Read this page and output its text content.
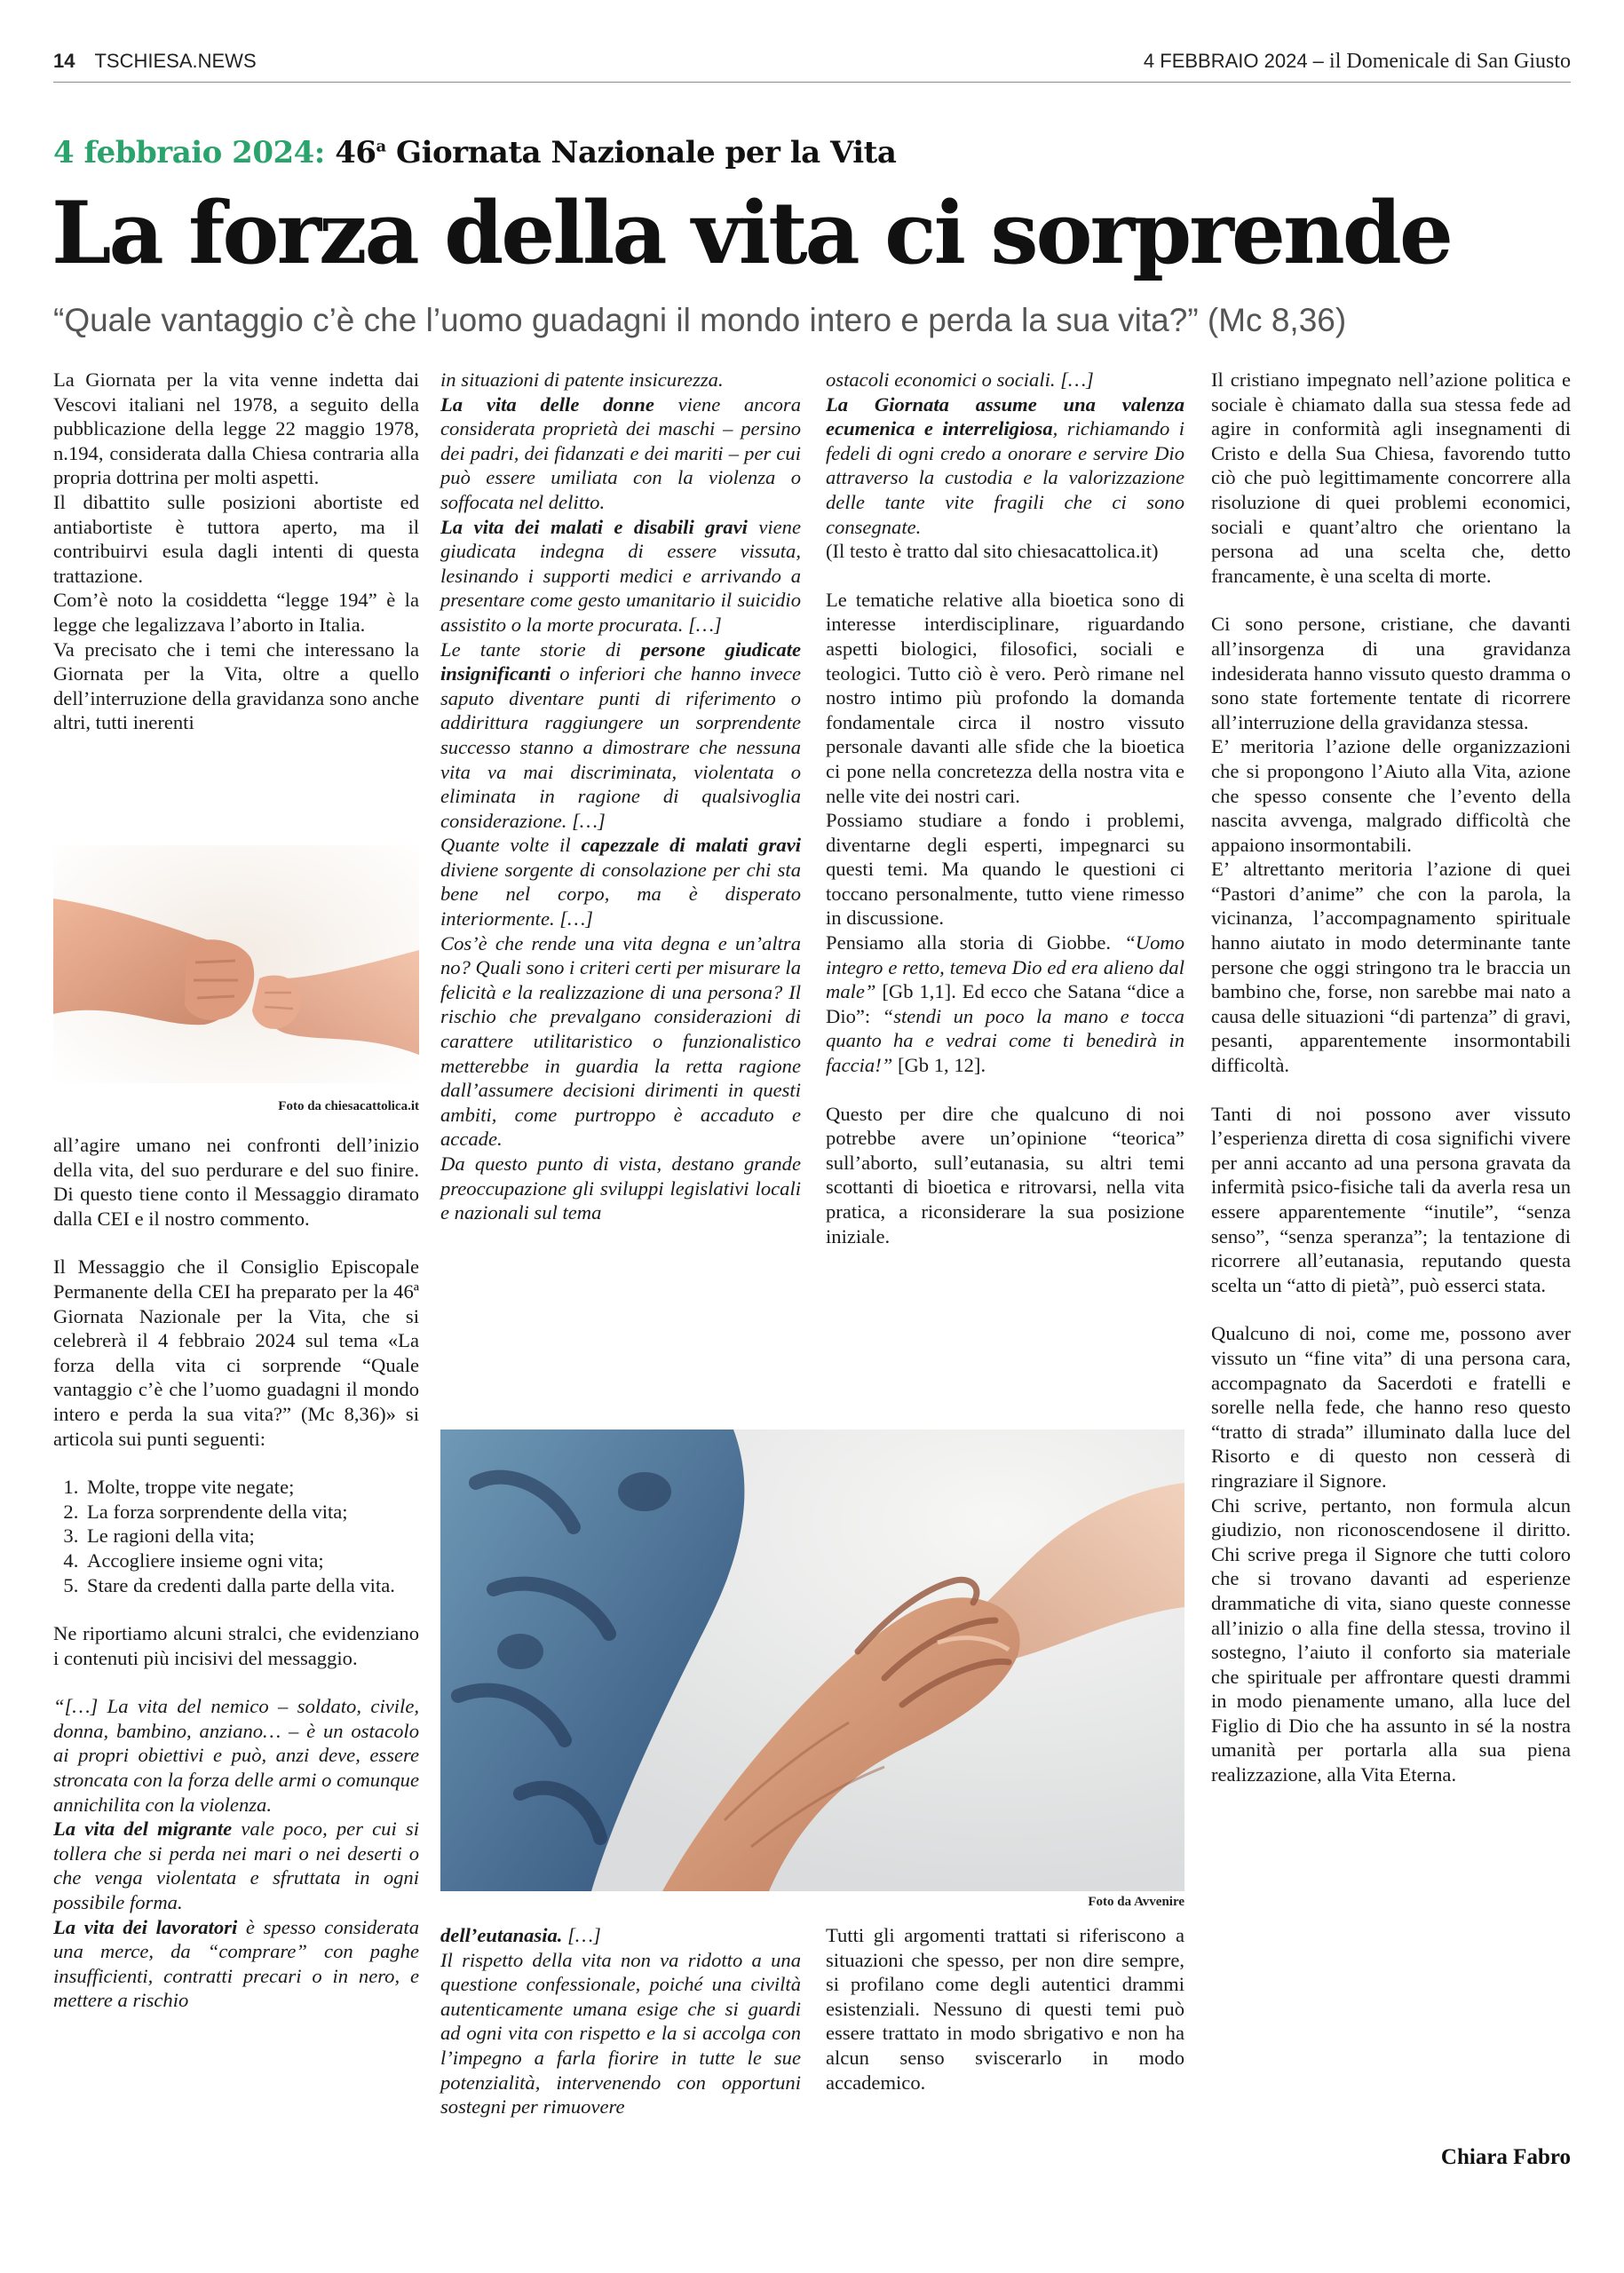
14 TSCHIESA.NEWS	4 FEBBRAIO 2024 – il Domenicale di San Giusto
4 febbraio 2024: 46$^a$ Giornata Nazionale per la Vita
La forza della vita ci sorprende
“Quale vantaggio c’è che l’uomo guadagni il mondo intero e perda la sua vita?” (Mc 8,36)

La Giornata per la vita venne indetta dai Vescovi italiani nel 1978, a seguito della pubblicazione della legge 22 maggio 1978, n.194, considerata dalla Chiesa contraria alla propria dottrina per molti aspetti.

Il dibattito sulle posizioni abortiste ed antiabortiste è tuttora aperto, ma il contribuirvi esula dagli intenti di questa trattazione.

Com’è noto la cosiddetta “legge 194” è la legge che legalizzava l’aborto in Italia.

Va precisato che i temi che interessano la Giornata per la Vita, oltre a quello dell’interruzione della gravidanza sono anche altri, tutti inerenti

Foto da chiesacattolica.it

all’agire umano nei confronti dell’inizio della vita, del suo perdurare e del suo finire. Di questo tiene conto il Messaggio diramato dalla CEI e il nostro commento.

Il Messaggio che il Consiglio Episcopale Permanente della CEI ha preparato per la 46ª Giornata Nazionale per la Vita, che si celebrerà il 4 febbraio 2024 sul tema «La forza della vita ci sorprende “Quale vantaggio c’è che l’uomo guadagni il mondo intero e perda la sua vita?” (Mc 8,36)» si articola sui punti seguenti:

1. Molte, troppe vite negate;
2. La forza sorprendente della vita;
3. Le ragioni della vita;
4. Accogliere insieme ogni vita;
5. Stare da credenti dalla parte della vita.

Ne riportiamo alcuni stralci, che evidenziano i contenuti più incisivi del messaggio.

“[…] La vita del nemico – soldato, civile, donna, bambino, anziano… – è un ostacolo ai propri obiettivi e può, anzi deve, essere stroncata con la forza delle armi o comunque annichilita con la violenza.

La vita del migrante vale poco, per cui si tollera che si perda nei mari o nei deserti o che venga violentata e sfruttata in ogni possibile forma.

La vita dei lavoratori è spesso considerata una merce, da “comprare” con paghe insufficienti, contratti precari o in nero, e mettere a rischio

in situazioni di patente insicurezza.

La vita delle donne viene ancora considerata proprietà dei maschi – persino dei padri, dei fidanzati e dei mariti – per cui può essere umiliata con la violenza o soffocata nel delitto.

La vita dei malati e disabili gravi viene giudicata indegna di essere vissuta, lesinando i supporti medici e arrivando a presentare come gesto umanitario il suicidio assistito o la morte procurata. […]

Le tante storie di persone giudicate insignificanti o inferiori che hanno invece saputo diventare punti di riferimento o addirittura raggiungere un sorprendente successo stanno a dimostrare che nessuna vita va mai discriminata, violentata o eliminata in ragione di qualsivoglia considerazione. […]

Quante volte il capezzale di malati gravi diviene sorgente di consolazione per chi sta bene nel corpo, ma è disperato interiormente. […]

Cos’è che rende una vita degna e un’altra no? Quali sono i criteri certi per misurare la felicità e la realizzazione di una persona? Il rischio che prevalgano considerazioni di carattere utilitaristico o funzionalistico metterebbe in guardia la retta ragione dall’assumere decisioni dirimenti in questi ambiti, come purtroppo è accaduto e accade.

Da questo punto di vista, destano grande preoccupazione gli sviluppi legislativi locali e nazionali sul tema

ostacoli economici o sociali. […]

La Giornata assume una valenza ecumenica e interreligiosa, richiamando i fedeli di ogni credo a onorare e servire Dio attraverso la custodia e la valorizzazione delle tante vite fragili che ci sono consegnate.

(Il testo è tratto dal sito chiesacattolica.it)

Le tematiche relative alla bioetica sono di interesse interdisciplinare, riguardando aspetti biologici, filosofici, sociali e teologici. Tutto ciò è vero. Però rimane nel nostro intimo più profondo la domanda fondamentale circa il nostro vissuto personale davanti alle sfide che la bioetica ci pone nella concretezza della nostra vita e nelle vite dei nostri cari.

Possiamo studiare a fondo i problemi, diventarne degli esperti, impegnarci su questi temi. Ma quando le questioni ci toccano personalmente, tutto viene rimesso in discussione.

Pensiamo alla storia di Giobbe. “Uomo integro e retto, temeva Dio ed era alieno dal male” [Gb 1,1]. Ed ecco che Satana “dice a Dio”: “stendi un poco la mano e tocca quanto ha e vedrai come ti benedirà in faccia!” [Gb 1, 12].

Questo per dire che qualcuno di noi potrebbe avere un’opinione “teorica” sull’aborto, sull’eutanasia, su altri temi scottanti di bioetica e ritrovarsi, nella vita pratica, a riconsiderare la sua posizione iniziale.

Foto da Avvenire

dell’eutanasia. […]

Il rispetto della vita non va ridotto a una questione confessionale, poiché una civiltà autenticamente umana esige che si guardi ad ogni vita con rispetto e la si accolga con l’impegno a farla fiorire in tutte le sue potenzialità, intervenendo con opportuni sostegni per rimuovere

Tutti gli argomenti trattati si riferiscono a situazioni che spesso, per non dire sempre, si profilano come degli autentici drammi esistenziali. Nessuno di questi temi può essere trattato in modo sbrigativo e non ha alcun senso sviscerarlo in modo accademico.

Il cristiano impegnato nell’azione politica e sociale è chiamato dalla sua stessa fede ad agire in conformità agli insegnamenti di Cristo e della Sua Chiesa, favorendo tutto ciò che può legittimamente concorrere alla risoluzione di quei problemi economici, sociali e quant’altro che orientano la persona ad una scelta che, detto francamente, è una scelta di morte.

Ci sono persone, cristiane, che davanti all’insorgenza di una gravidanza indesiderata hanno vissuto questo dramma o sono state fortemente tentate di ricorrere all’interruzione della gravidanza stessa.

E’ meritoria l’azione delle organizzazioni che si propongono l’Aiuto alla Vita, azione che spesso consente che l’evento della nascita avvenga, malgrado difficoltà che appaiono insormontabili.

E’ altrettanto meritoria l’azione di quei “Pastori d’anime” che con la parola, la vicinanza, l’accompagnamento spirituale hanno aiutato in modo determinante tante persone che oggi stringono tra le braccia un bambino che, forse, non sarebbe mai nato a causa delle situazioni “di partenza” di gravi, pesanti, apparentemente insormontabili difficoltà.

Tanti di noi possono aver vissuto l’esperienza diretta di cosa significhi vivere per anni accanto ad una persona gravata da infermità psico-fisiche tali da averla resa un essere apparentemente “inutile”, “senza senso”, “senza speranza”; la tentazione di ricorrere all’eutanasia, reputando questa scelta un “atto di pietà”, può esserci stata.

Qualcuno di noi, come me, possono aver vissuto un “fine vita” di una persona cara, accompagnato da Sacerdoti e fratelli e sorelle nella fede, che hanno reso questo “tratto di strada” illuminato dalla luce del Risorto e di questo non cesserà di ringraziare il Signore.

Chi scrive, pertanto, non formula alcun giudizio, non riconoscendosene il diritto. Chi scrive prega il Signore che tutti coloro che si trovano davanti ad esperienze drammatiche di vita, siano queste connesse all’inizio o alla fine della stessa, trovino il sostegno, l’aiuto il conforto sia materiale che spirituale per affrontare questi drammi in modo pienamente umano, alla luce del Figlio di Dio che ha assunto in sé la nostra umanità per portarla alla sua piena realizzazione, alla Vita Eterna.

Chiara Fabro
